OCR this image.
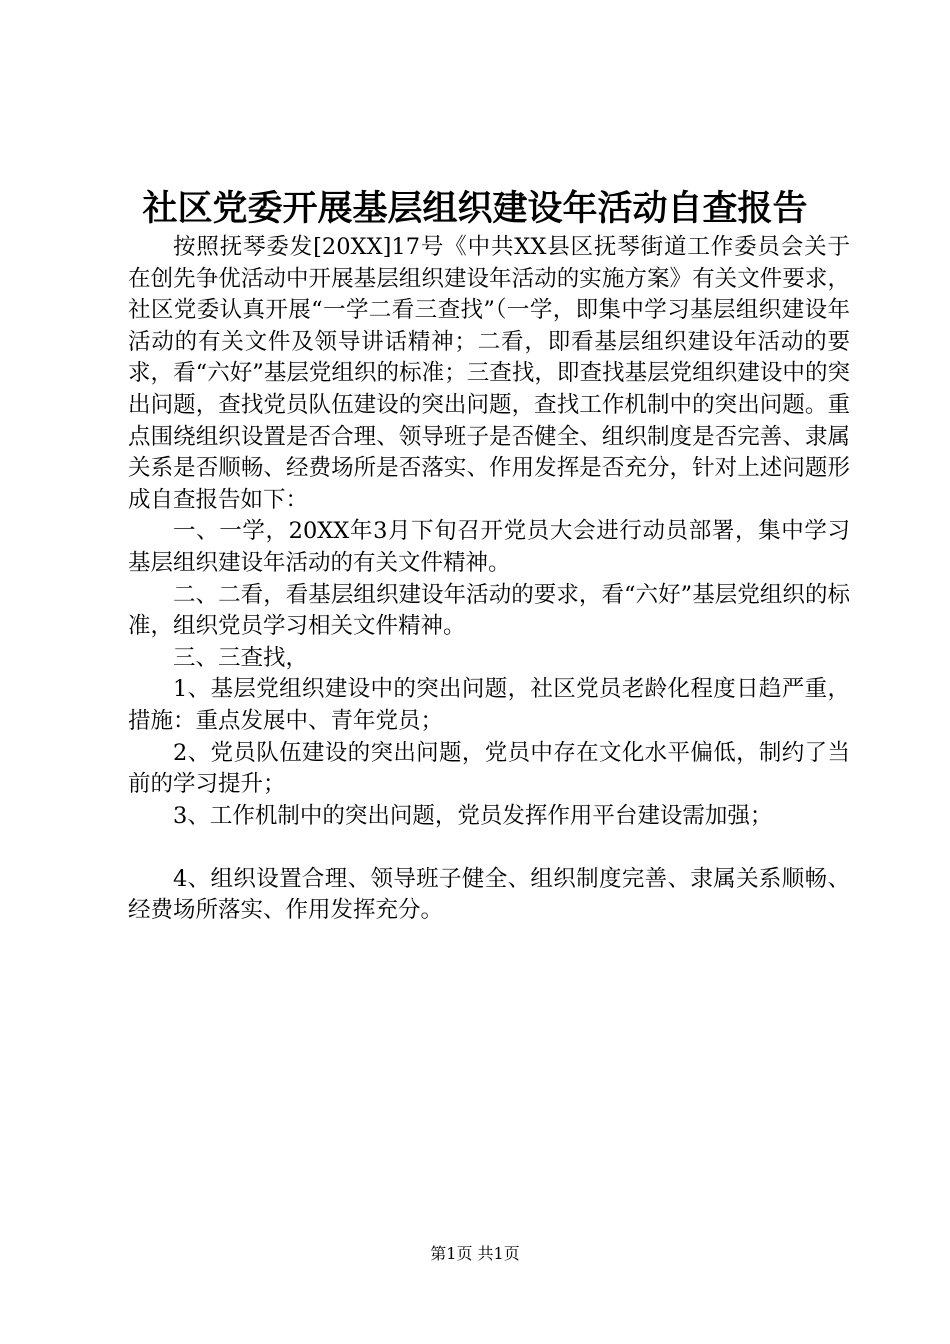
社区党委开展基层组织建设年活动自查报告

按照抚琴委发[20XX]17号《中共XX县区抚琴街道工作委员会关于在创先争优活动中开展基层组织建设年活动的实施方案》有关文件要求，社区党委认真开展“一学二看三查找”（一学，即集中学习基层组织建设年活动的有关文件及领导讲话精神；二看，即看基层组织建设年活动的要求，看“六好”基层党组织的标准；三查找，即查找基层党组织建设中的突出问题，查找党员队伍建设的突出问题，查找工作机制中的突出问题。重点围绕组织设置是否合理、领导班子是否健全、组织制度是否完善、隶属关系是否顺畅、经费场所是否落实、作用发挥是否充分，针对上述问题形成自查报告如下：

一、一学，20XX年3月下旬召开党员大会进行动员部署，集中学习基层组织建设年活动的有关文件精神。

二、二看，看基层组织建设年活动的要求，看“六好”基层党组织的标准，组织党员学习相关文件精神。

三、三查找，

1、基层党组织建设中的突出问题，社区党员老龄化程度日趋严重，措施：重点发展中、青年党员；

2、党员队伍建设的突出问题，党员中存在文化水平偏低，制约了当前的学习提升；

3、工作机制中的突出问题，党员发挥作用平台建设需加强；

4、组织设置合理、领导班子健全、组织制度完善、隶属关系顺畅、经费场所落实、作用发挥充分。

第1页 共1页
